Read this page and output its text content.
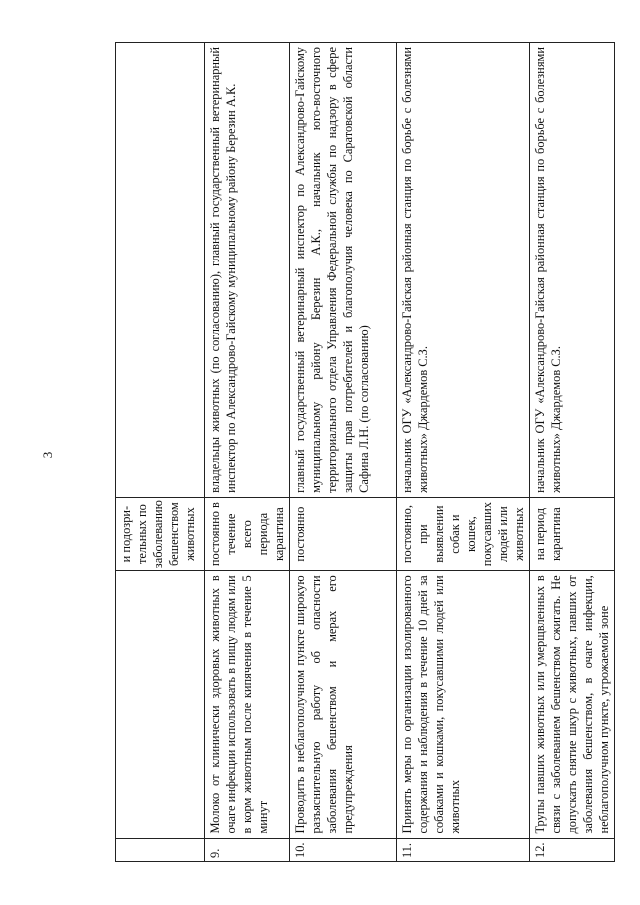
3
		и подозри-тельных по заболеванию бешенством животных	
9.	Молоко от клинически здоровых животных в очаге инфекции использовать в пищу людям или в корм животным после кипячения в течение 5 минут	постоянно в течение всего периода карантина	владельцы животных (по согласованию), главный государственный ветеринарный инспектор по Александрово-Гайскому муниципальному району Березин А.К.
10.	Проводить в неблагополучном пункте широкую разъяснительную работу об опасности заболевания бешенством и мерах его предупреждения	постоянно	главный государственный ветеринарный инспектор по Александрово-Гайскому муниципальному району Березин А.К., начальник юго-восточного территориального отдела Управления Федеральной службы по надзору в сфере защиты прав потребителей и благополучия человека по Саратовской области Сафина Л.Н. (по согласованию)
11.	Принять меры по организации изолированного содержания и наблюдения в течение 10 дней за собаками и кошками, покусавшими людей или животных	постоянно, при выявлении собак и кошек, покусавших людей или животных	начальник ОГУ «Александрово-Гайская районная станция по борьбе с болезнями животных» Джардемов С.З.
12.	Трупы павших животных или умерщвленных в связи с заболеванием бешенством сжигать. Не допускать снятие шкур с животных, павших от заболевания бешенством, в очаге инфекции, неблагополучном пункте, угрожаемой зоне	на период карантина	начальник ОГУ «Александрово-Гайская районная станция по борьбе с болезнями животных» Джардемов С.З.
